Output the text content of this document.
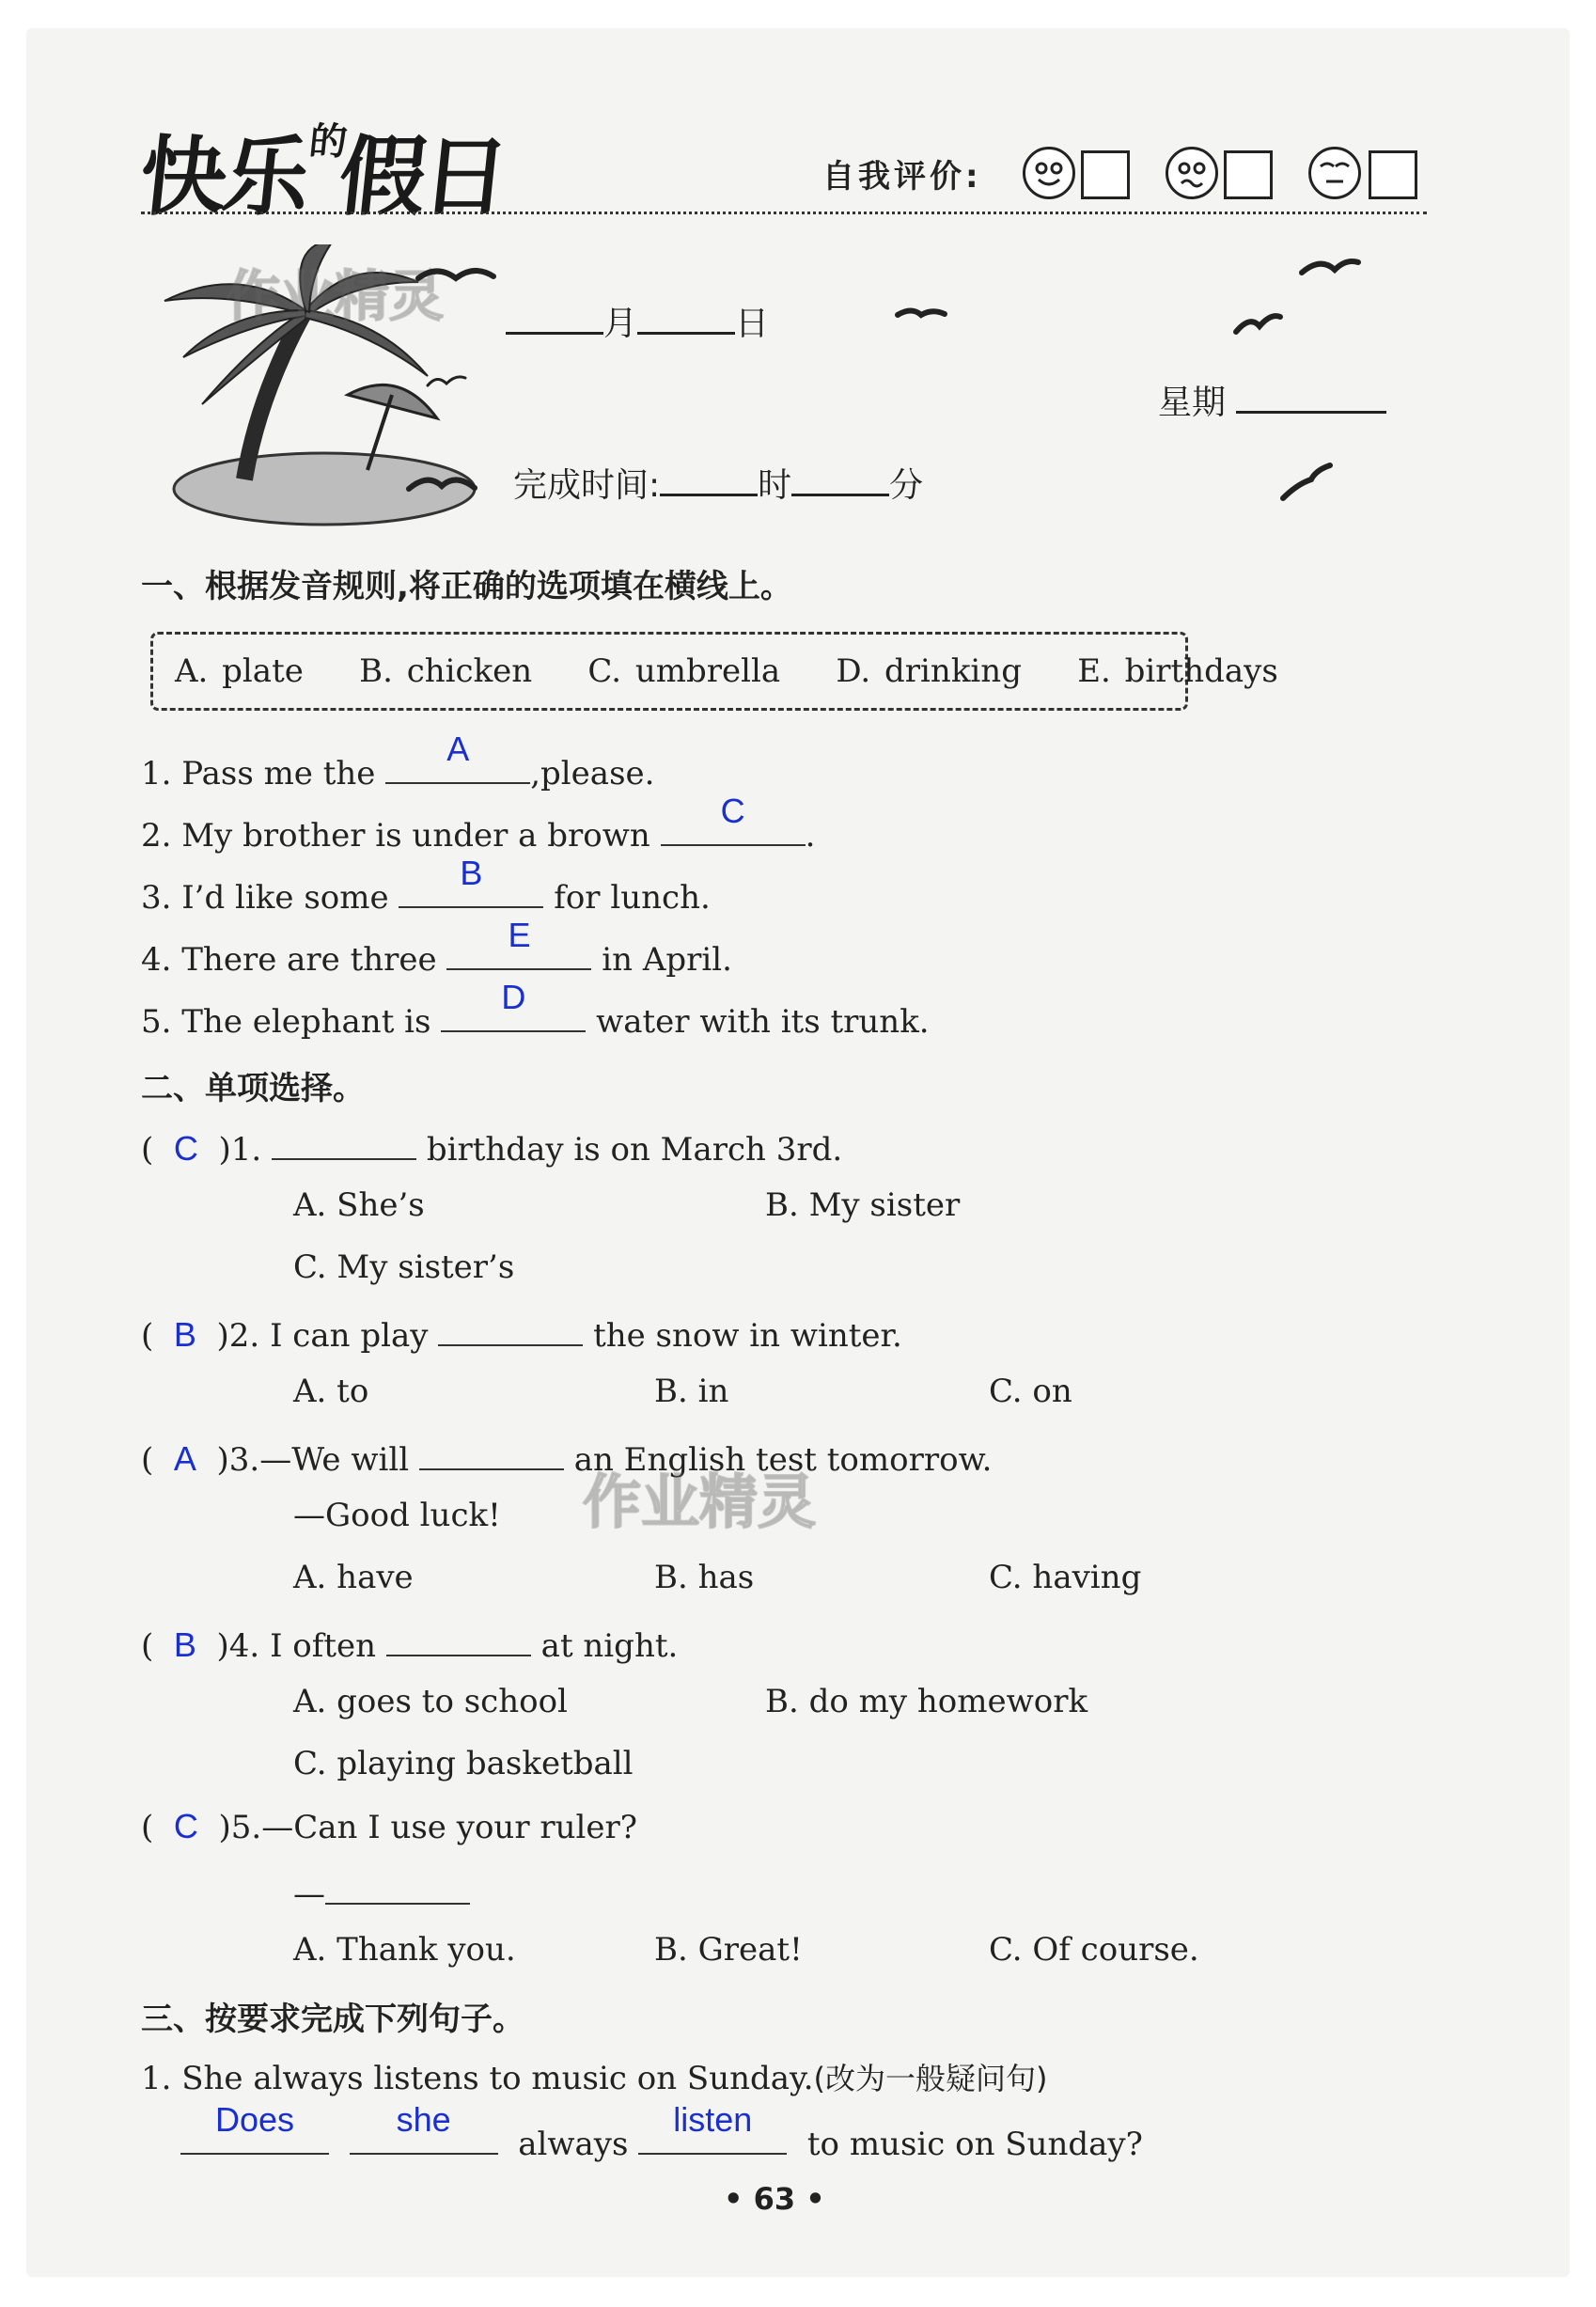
快乐$^的$假日	自我评价:
作业精灵	月	日
星期
完成时间:	时	分
一、根据发音规则,将正确的选项填在横线上。
A. plate B. chicken C. umbrella D. drinking E. birthdays
1. Pass me the
A
,please.
2. My brother is under a brown
C
.
3. I’d like some
B
for lunch.
4. There are three
E
in April.
5. The elephant is
D
water with its trunk.
二、单项选择。
(  C )1.	birthday is on March 3rd.
A. She’s	B. My sister
C. My sister’s
(  B )2. I can play	the snow in winter.
A. to	B. in	C. on
(  A )3.—We will	an English test tomorrow.
—Good luck! 作业精灵
A. have	B. has	C. having
(  B )4. I often	at night.
A. goes to school	B. do my homework
C. playing basketball
(  C )5.—Can I use your ruler?
—
A. Thank you.	B. Great!	C. Of course.
三、按要求完成下列句子。
1. She always listens to music on Sunday.(改为一般疑问句)
Does
	she
always
listen
to music on Sunday?
• 63 •
